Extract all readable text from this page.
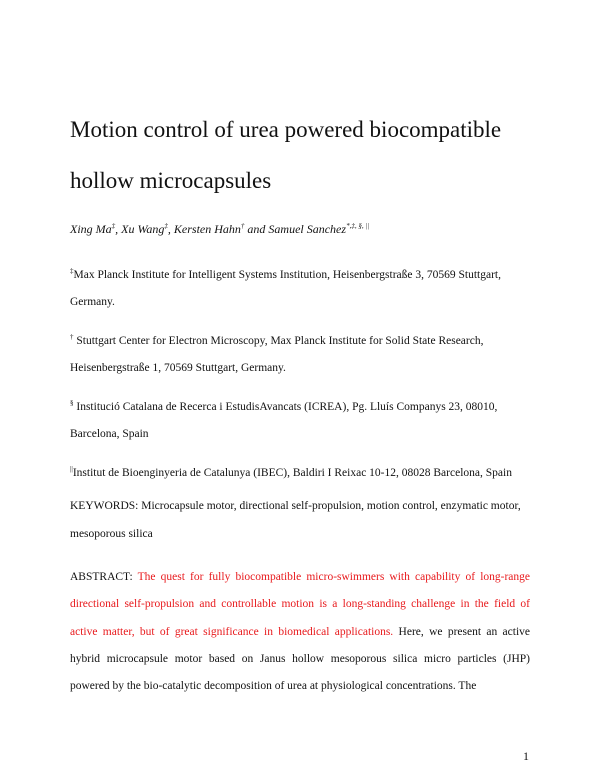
Motion control of urea powered biocompatible hollow microcapsules
Xing Ma‡, Xu Wang‡, Kersten Hahn† and Samuel Sanchez*,‡, §, ||

‡Max Planck Institute for Intelligent Systems Institution, Heisenbergstraße 3, 70569 Stuttgart, Germany.

† Stuttgart Center for Electron Microscopy, Max Planck Institute for Solid State Research, Heisenbergstraße 1, 70569 Stuttgart, Germany.

§ Institució Catalana de Recerca i EstudisAvancats (ICREA), Pg. Lluís Companys 23, 08010, Barcelona, Spain

||Institut de Bioenginyeria de Catalunya (IBEC), Baldiri I Reixac 10-12, 08028 Barcelona, Spain

KEYWORDS: Microcapsule motor, directional self-propulsion, motion control, enzymatic motor, mesoporous silica
ABSTRACT: The quest for fully biocompatible micro-swimmers with capability of long-range directional self-propulsion and controllable motion is a long-standing challenge in the field of active matter, but of great significance in biomedical applications. Here, we present an active hybrid microcapsule motor based on Janus hollow mesoporous silica micro particles (JHP) powered by the bio-catalytic decomposition of urea at physiological concentrations. The
1
